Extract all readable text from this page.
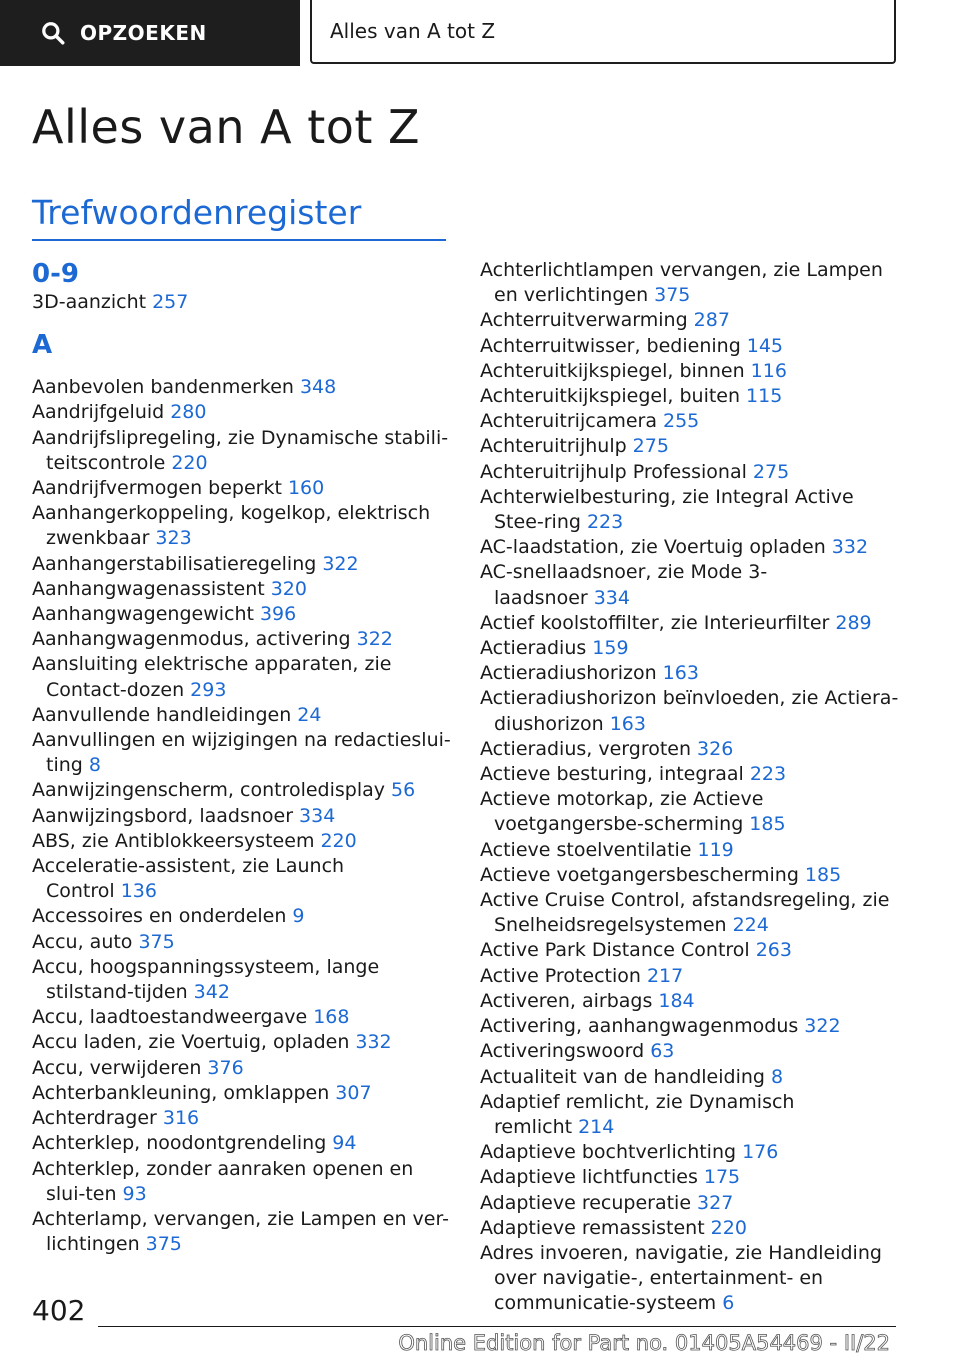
OPZOEKEN	Alles van A tot Z
Alles van A tot Z
Trefwoordenregister
0-9

3D-aanzicht 257

A

Aanbevolen bandenmerken 348

Aandrijfgeluid 280

Aandrijfslipregeling, zie Dynamische stabili-teitscontrole 220

Aandrijfvermogen beperkt 160

Aanhangerkoppeling, kogelkop, elektrisch zwenkbaar 323

Aanhangerstabilisatieregeling 322

Aanhangwagenassistent 320

Aanhangwagengewicht 396

Aanhangwagenmodus, activering 322

Aansluiting elektrische apparaten, zie Contact-dozen 293

Aanvullende handleidingen 24

Aanvullingen en wijzigingen na redactieslui-ting 8

Aanwijzingenscherm, controledisplay 56

Aanwijzingsbord, laadsnoer 334

ABS, zie Antiblokkeersysteem 220

Acceleratie-assistent, zie Launch Control 136

Accessoires en onderdelen 9

Accu, auto 375

Accu, hoogspanningssysteem, lange stilstand-tijden 342

Accu, laadtoestandweergave 168

Accu laden, zie Voertuig, opladen 332

Accu, verwijderen 376

Achterbankleuning, omklappen 307

Achterdrager 316

Achterklep, noodontgrendeling 94

Achterklep, zonder aanraken openen en slui-ten 93

Achterlamp, vervangen, zie Lampen en ver-lichtingen 375

Achterlichtlampen vervangen, zie Lampen en verlichtingen 375

Achterruitverwarming 287

Achterruitwisser, bediening 145

Achteruitkijkspiegel, binnen 116

Achteruitkijkspiegel, buiten 115

Achteruitrijcamera 255

Achteruitrijhulp 275

Achteruitrijhulp Professional 275

Achterwielbesturing, zie Integral Active Stee-ring 223

AC-laadstation, zie Voertuig opladen 332

AC-snellaadsnoer, zie Mode 3-laadsnoer 334

Actief koolstoffilter, zie Interieurfilter 289

Actieradius 159

Actieradiushorizon 163

Actieradiushorizon beïnvloeden, zie Actiera-diushorizon 163

Actieradius, vergroten 326

Actieve besturing, integraal 223

Actieve motorkap, zie Actieve voetgangersbe-scherming 185

Actieve stoelventilatie 119

Actieve voetgangersbescherming 185

Active Cruise Control, afstandsregeling, zie Snelheidsregelsystemen 224

Active Park Distance Control 263

Active Protection 217

Activeren, airbags 184

Activering, aanhangwagenmodus 322

Activeringswoord 63

Actualiteit van de handleiding 8

Adaptief remlicht, zie Dynamisch remlicht 214

Adaptieve bochtverlichting 176

Adaptieve lichtfuncties 175

Adaptieve recuperatie 327

Adaptieve remassistent 220

Adres invoeren, navigatie, zie Handleiding over navigatie-, entertainment- en communicatie-systeem 6

402
Online Edition for Part no. 01405A54469 - II/22
